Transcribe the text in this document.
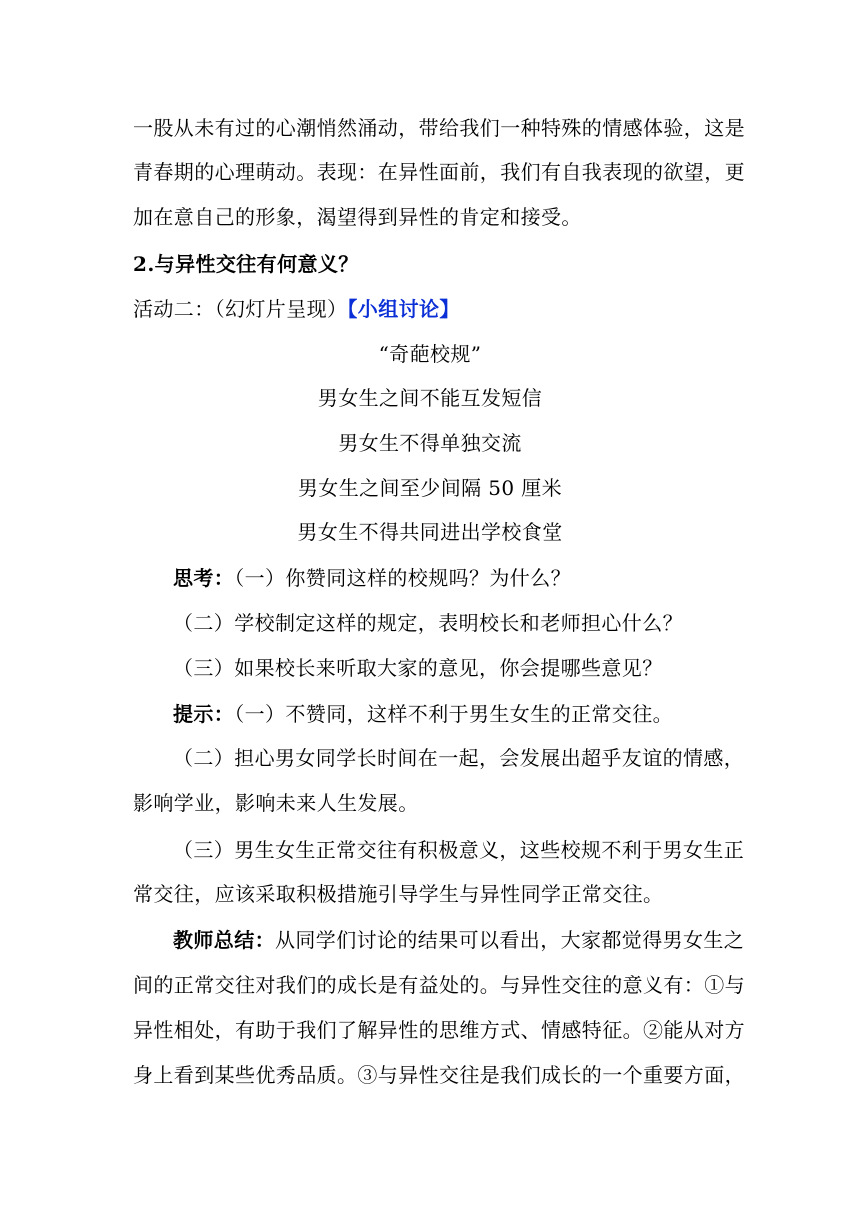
一股从未有过的心潮悄然涌动，带给我们一种特殊的情感体验，这是
青春期的心理萌动。表现：在异性面前，我们有自我表现的欲望，更
加在意自己的形象，渴望得到异性的肯定和接受。
2.与异性交往有何意义？
活动二：（幻灯片呈现）【小组讨论】
“奇葩校规”
男女生之间不能互发短信
男女生不得单独交流
男女生之间至少间隔 50 厘米
男女生不得共同进出学校食堂
思考：（一）你赞同这样的校规吗？为什么？
（二）学校制定这样的规定，表明校长和老师担心什么？
（三）如果校长来听取大家的意见，你会提哪些意见？
提示：（一）不赞同，这样不利于男生女生的正常交往。
（二）担心男女同学长时间在一起，会发展出超乎友谊的情感，
影响学业，影响未来人生发展。
（三）男生女生正常交往有积极意义，这些校规不利于男女生正
常交往，应该采取积极措施引导学生与异性同学正常交往。
教师总结：从同学们讨论的结果可以看出，大家都觉得男女生之
间的正常交往对我们的成长是有益处的。与异性交往的意义有：①与
异性相处，有助于我们了解异性的思维方式、情感特征。②能从对方
身上看到某些优秀品质。③与异性交往是我们成长的一个重要方面，
